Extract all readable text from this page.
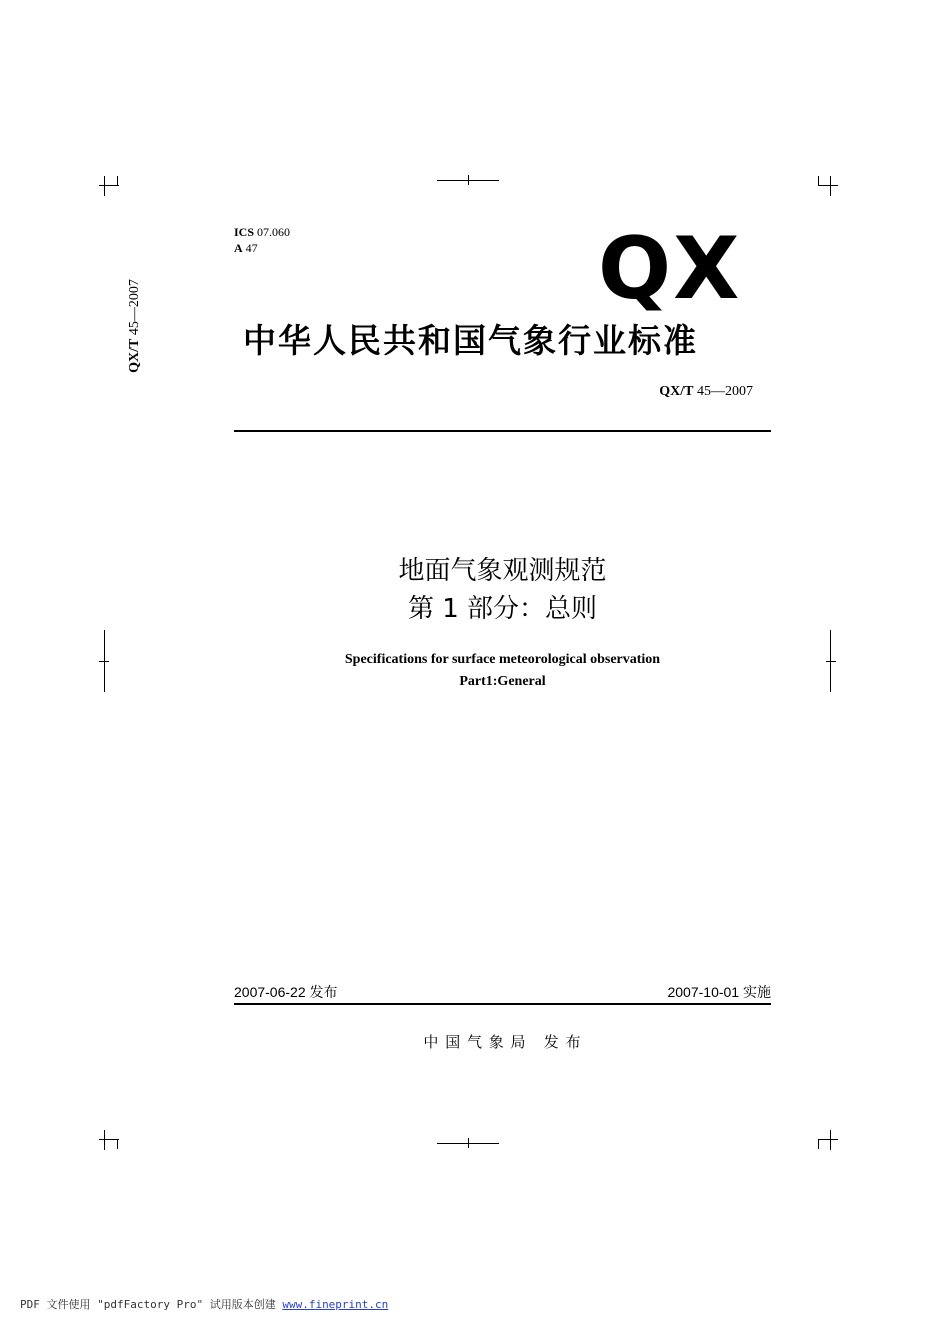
QX/T 45—2007
ICS 07.060
A 47	QX
中华人民共和国气象行业标准
QX/T 45—2007
地面气象观测规范
第 1 部分：总则
Specifications for surface meteorological observation
Part1:General
2007-06-22 发布	2007-10-01 实施
中 国 气 象 局   发 布
PDF 文件使用 "pdfFactory Pro" 试用版本创建 www.fineprint.cn
